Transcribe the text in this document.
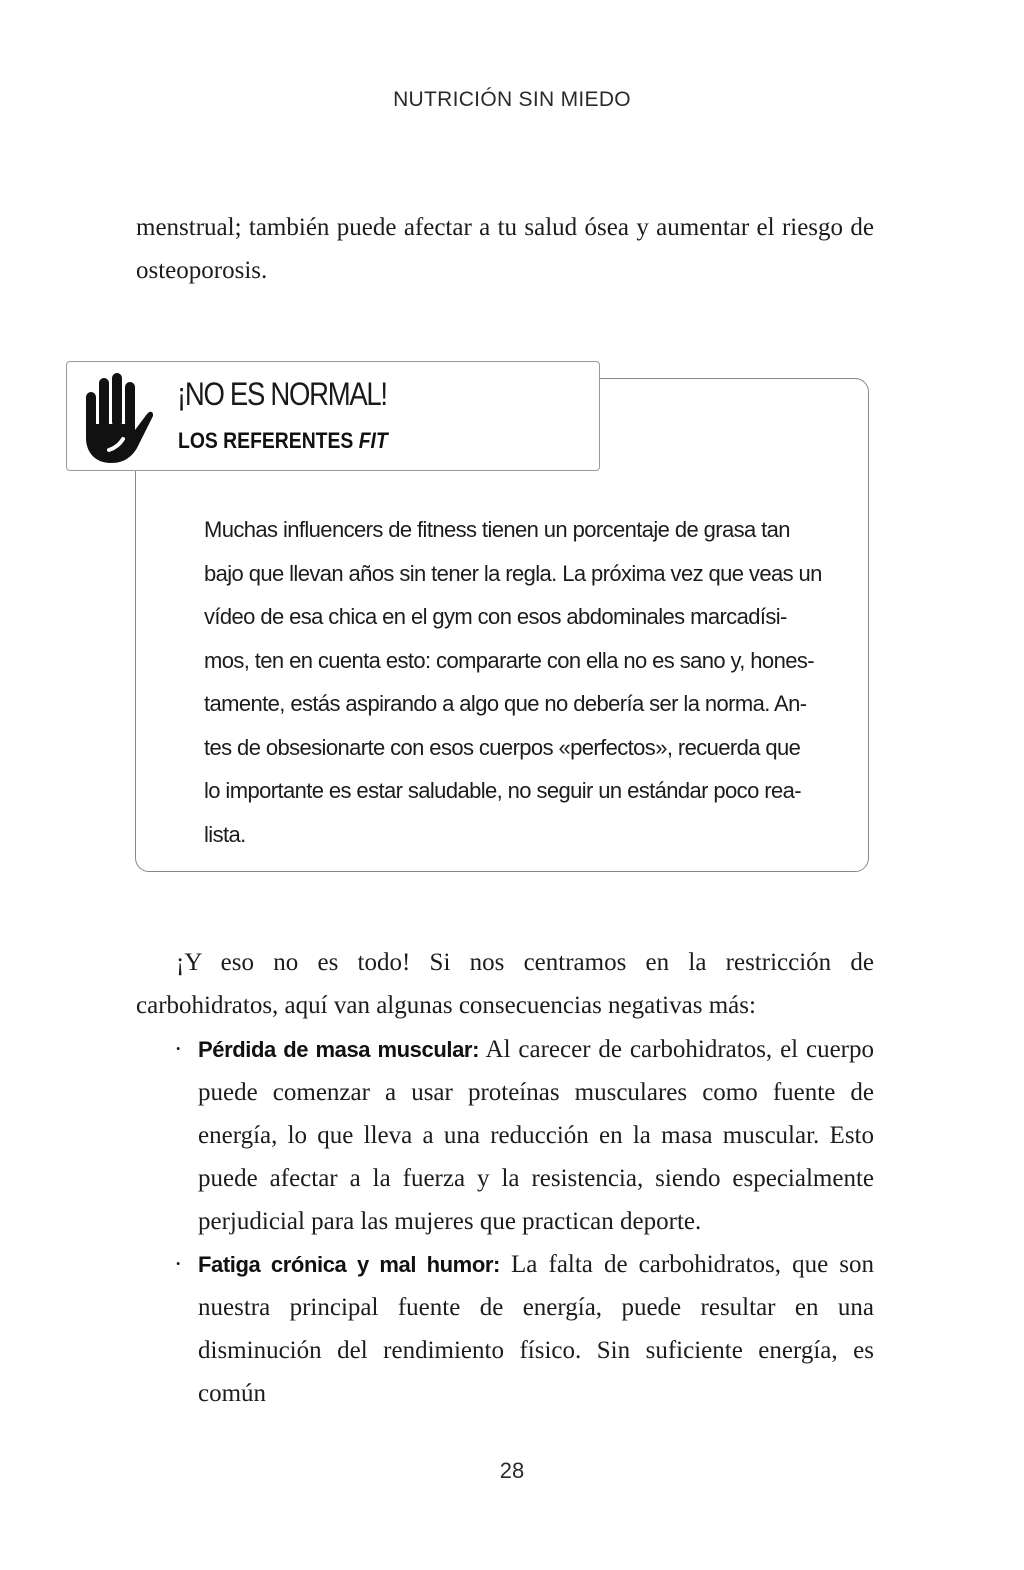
NUTRICIÓN SIN MIEDO

menstrual; también puede afectar a tu salud ósea y aumentar el riesgo de osteoporosis.

¡NO ES NORMAL!
LOS REFERENTES FIT
Muchas influencers de fitness tienen un porcentaje de grasa tan
bajo que llevan años sin tener la regla. La próxima vez que veas un
vídeo de esa chica en el gym con esos abdominales marcadísi-
mos, ten en cuenta esto: compararte con ella no es sano y, hones-
tamente, estás aspirando a algo que no debería ser la norma. An-
tes de obsesionarte con esos cuerpos «perfectos», recuerda que
lo importante es estar saludable, no seguir un estándar poco rea-
lista.

¡Y eso no es todo! Si nos centramos en la restricción de carbohidratos, aquí van algunas consecuencias negativas más:

· Pérdida de masa muscular: Al carecer de carbohidratos, el cuerpo puede comenzar a usar proteínas musculares como fuente de energía, lo que lleva a una reducción en la masa muscular. Esto puede afectar a la fuerza y la resistencia, siendo especialmente perjudicial para las mujeres que practican deporte.
· Fatiga crónica y mal humor: La falta de carbohidratos, que son nuestra principal fuente de energía, puede resultar en una disminución del rendimiento físico. Sin suficiente energía, es común
28
